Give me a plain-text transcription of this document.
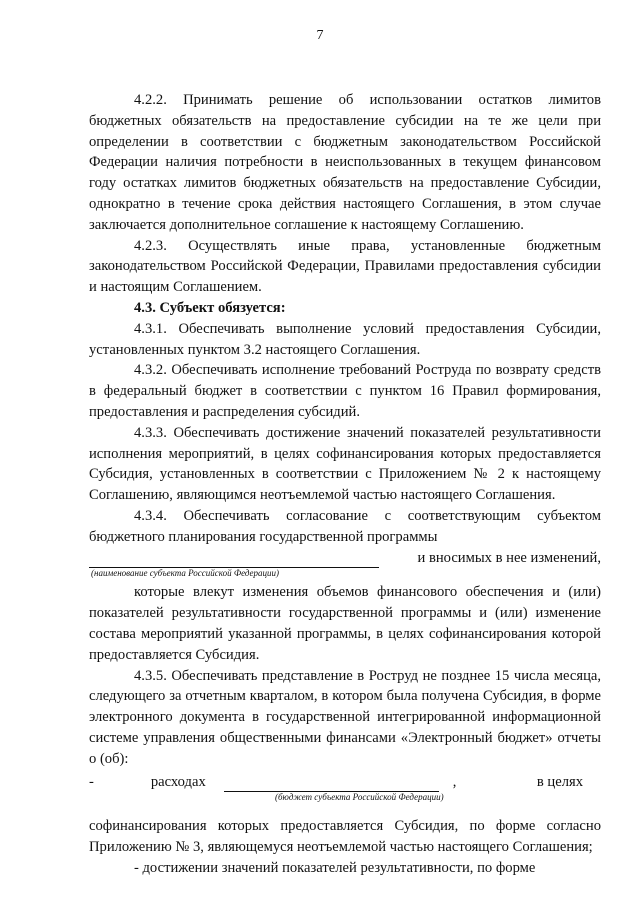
7

4.2.2. Принимать решение об использовании остатков лимитов бюджетных обязательств на предоставление субсидии на те же цели при определении в соответствии с бюджетным законодательством Российской Федерации наличия потребности в неиспользованных в текущем финансовом году остатках лимитов бюджетных обязательств на предоставление Субсидии, однократно в течение срока действия настоящего Соглашения, в этом случае заключается дополнительное соглашение к настоящему Соглашению.

4.2.3. Осуществлять иные права, установленные бюджетным законодательством Российской Федерации, Правилами предоставления субсидии и настоящим Соглашением.

4.3. Субъект обязуется:

4.3.1. Обеспечивать выполнение условий предоставления Субсидии, установленных пунктом 3.2 настоящего Соглашения.

4.3.2. Обеспечивать исполнение требований Роструда по возврату средств в федеральный бюджет в соответствии с пунктом 16 Правил формирования, предоставления и распределения субсидий.

4.3.3. Обеспечивать достижение значений показателей результативности исполнения мероприятий, в целях софинансирования которых предоставляется Субсидия, установленных в соответствии с Приложением № 2 к настоящему Соглашению, являющимся неотъемлемой частью настоящего Соглашения.

4.3.4. Обеспечивать согласование с соответствующим субъектом бюджетного планирования государственной программы

и вносимых в нее изменений,
(наименование субъекта Российской Федерации)

которые влекут изменения объемов финансового обеспечения и (или) показателей результативности государственной программы и (или) изменение состава мероприятий указанной программы, в целях софинансирования которой предоставляется Субсидия.

4.3.5. Обеспечивать представление в Роструд не позднее 15 числа месяца, следующего за отчетным кварталом, в котором была получена Субсидия, в форме электронного документа в государственной интегрированной информационной системе управления общественными финансами «Электронный бюджет» отчеты о (об):

-	расходах	,	в целях
(бюджет субъекта Российской Федерации)

софинансирования которых предоставляется Субсидия, по форме согласно Приложению № 3, являющемуся неотъемлемой частью настоящего Соглашения;

- достижении значений показателей результативности, по форме
